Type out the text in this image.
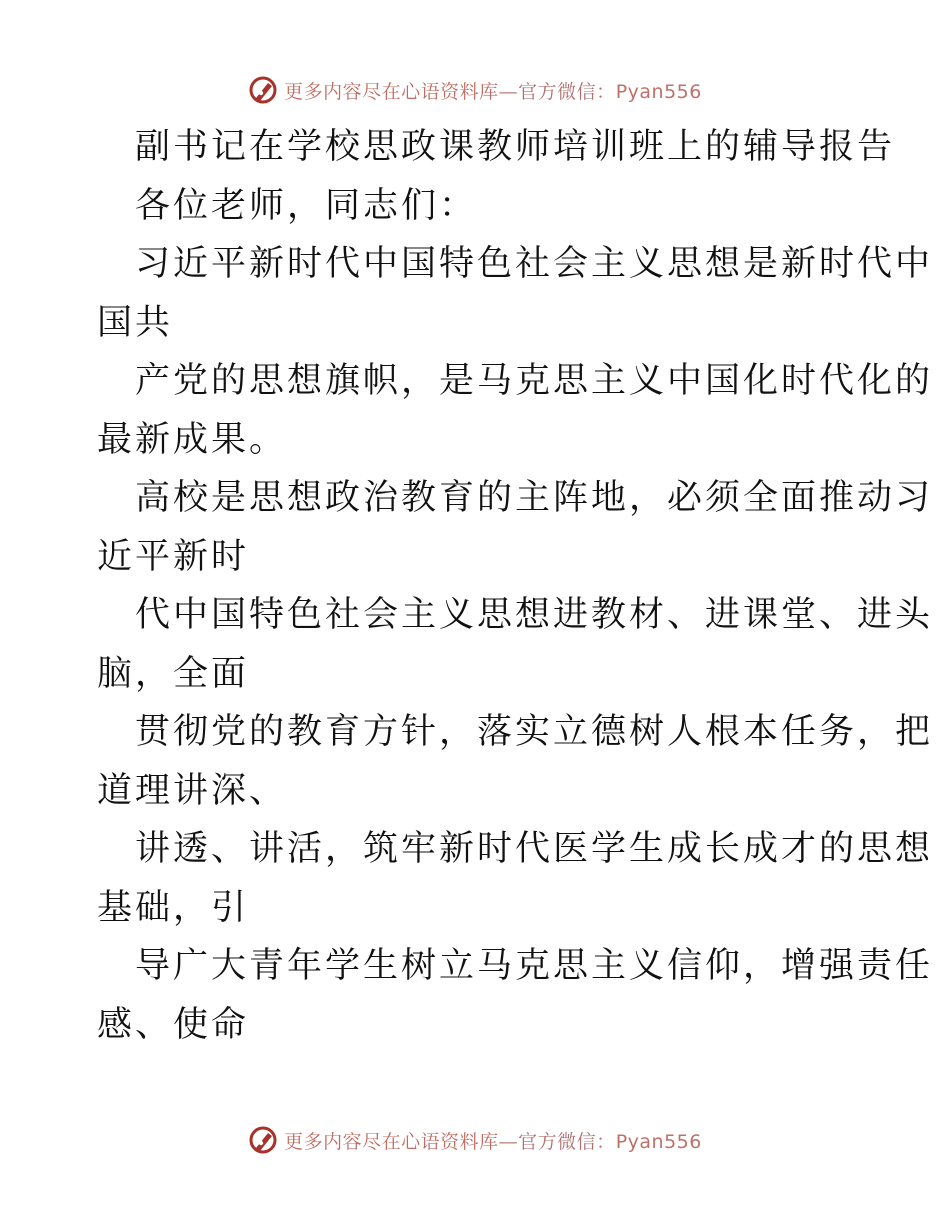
更多内容尽在心语资料库—官方微信：Pyan556
副书记在学校思政课教师培训班上的辅导报告
各位老师，同志们：
习近平新时代中国特色社会主义思想是新时代中
国共
产党的思想旗帜，是马克思主义中国化时代化的
最新成果。
高校是思想政治教育的主阵地，必须全面推动习
近平新时
代中国特色社会主义思想进教材、进课堂、进头
脑，全面
贯彻党的教育方针，落实立德树人根本任务，把
道理讲深、
讲透、讲活，筑牢新时代医学生成长成才的思想
基础，引
导广大青年学生树立马克思主义信仰，增强责任
感、使命
更多内容尽在心语资料库—官方微信：Pyan556
